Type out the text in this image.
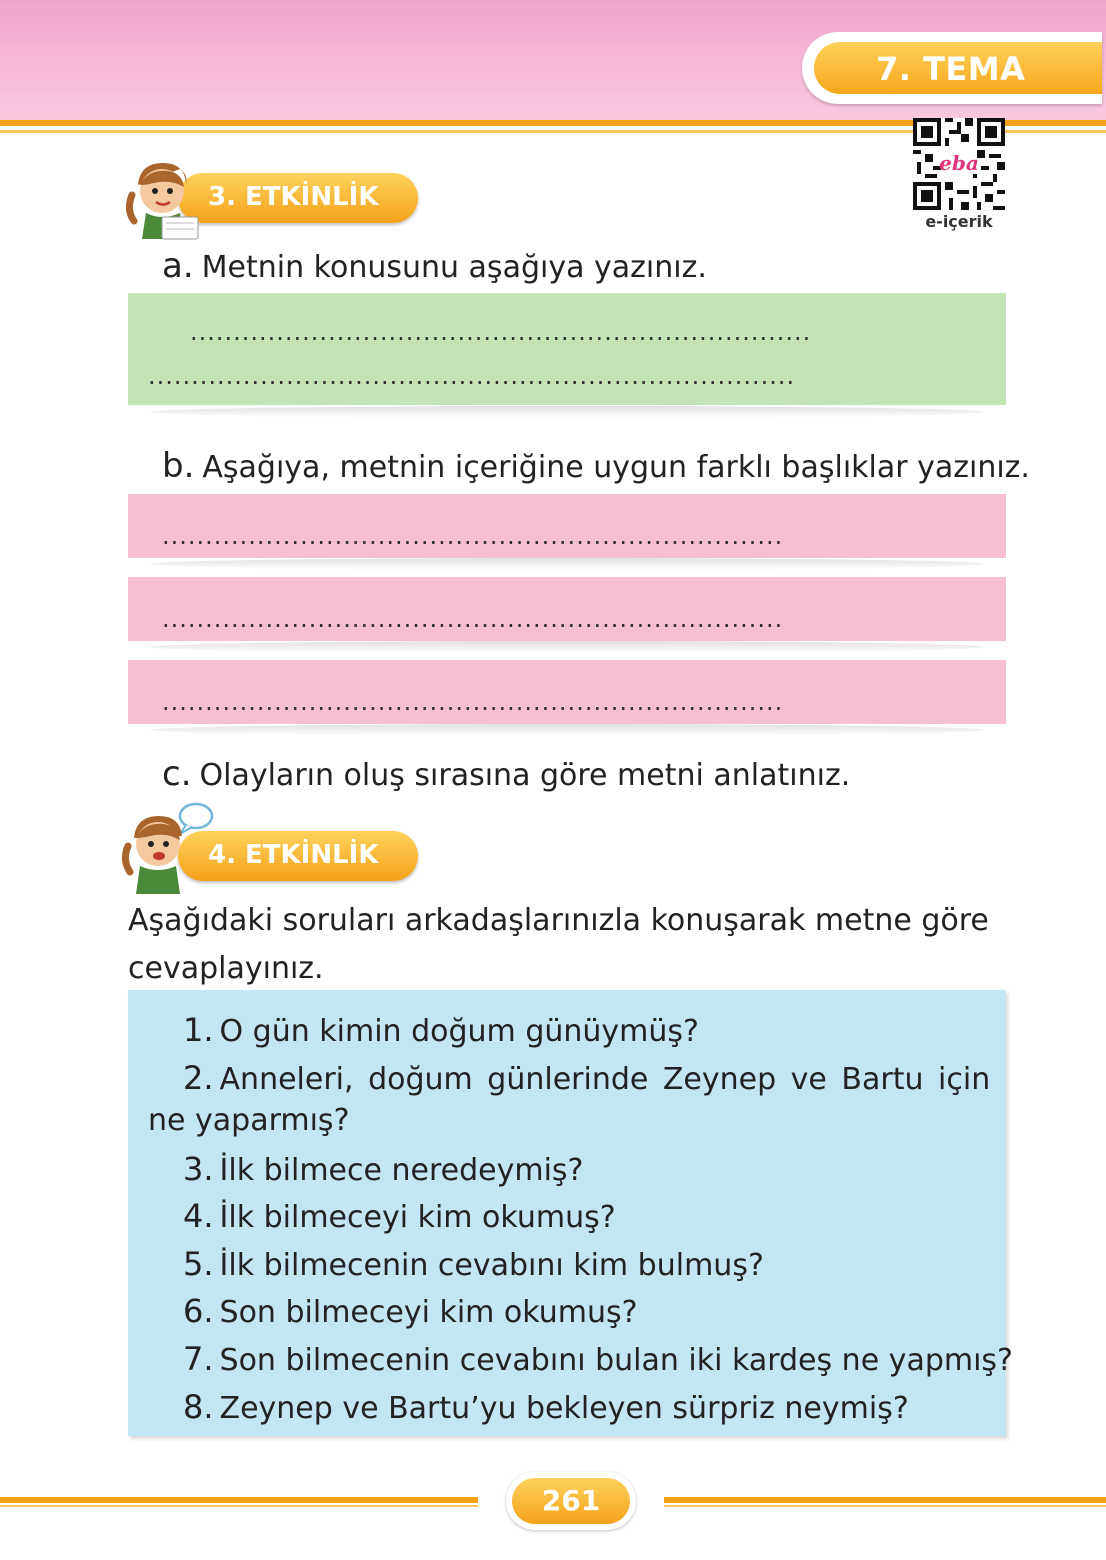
7. TEMA
eba
e-içerik
3. ETKİNLİK
a. Metnin konusunu aşağıya yazınız.
........................................................................
...........................................................................
b. Aşağıya, metnin içeriğine uygun farklı başlıklar yazınız.
........................................................................
........................................................................
........................................................................
c. Olayların oluş sırasına göre metni anlatınız.
4. ETKİNLİK
Aşağıdaki soruları arkadaşlarınızla konuşarak metne göre cevaplayınız.
1. O gün kimin doğum günüymüş?
2. Anneleri, doğum günlerinde Zeynep ve Bartu için
ne yaparmış?
3. İlk bilmece neredeymiş?
4. İlk bilmeceyi kim okumuş?
5. İlk bilmecenin cevabını kim bulmuş?
6. Son bilmeceyi kim okumuş?
7. Son bilmecenin cevabını bulan iki kardeş ne yapmış?
8. Zeynep ve Bartu’yu bekleyen sürpriz neymiş?
261
